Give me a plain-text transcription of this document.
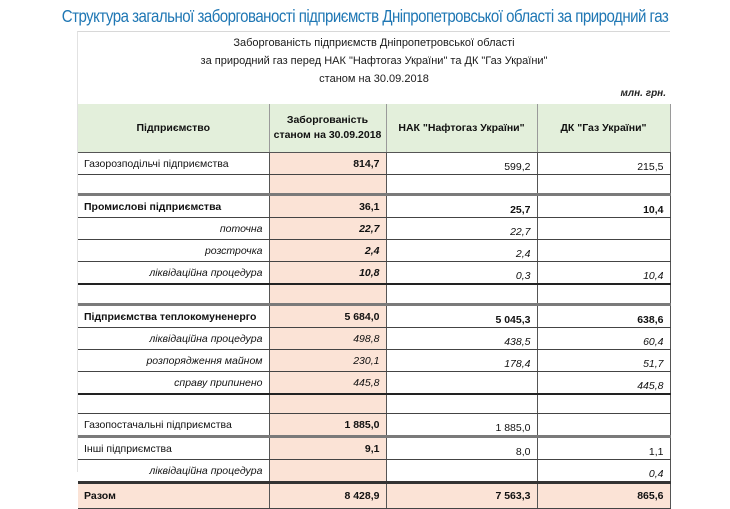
Структура загальної заборгованості підприємств Дніпропетровської області за природний газ
Заборгованість підприємств Дніпропетровської області
за природний газ перед НАК "Нафтогаз України" та ДК "Газ України"
станом на 30.09.2018
млн. грн.
Підприємство	Заборгованість станом на 30.09.2018	НАК "Нафтогаз України"	ДК "Газ України"
Газорозподільчі підприємства	814,7	599,2	215,5

Промислові підприємства	36,1	25,7	10,4
поточна	22,7	22,7	
розстрочка	2,4	2,4	
ліквідаційна процедура	10,8	0,3	10,4

Підприємства теплокомуненерго	5 684,0	5 045,3	638,6
ліквідаційна процедура	498,8	438,5	60,4
розпорядження майном	230,1	178,4	51,7
справу припинено	445,8		445,8

Газопостачальні підприємства	1 885,0	1 885,0	
Інші підприємства	9,1	8,0	1,1
ліквідаційна процедура			0,4
Разом	8 428,9	7 563,3	865,6
